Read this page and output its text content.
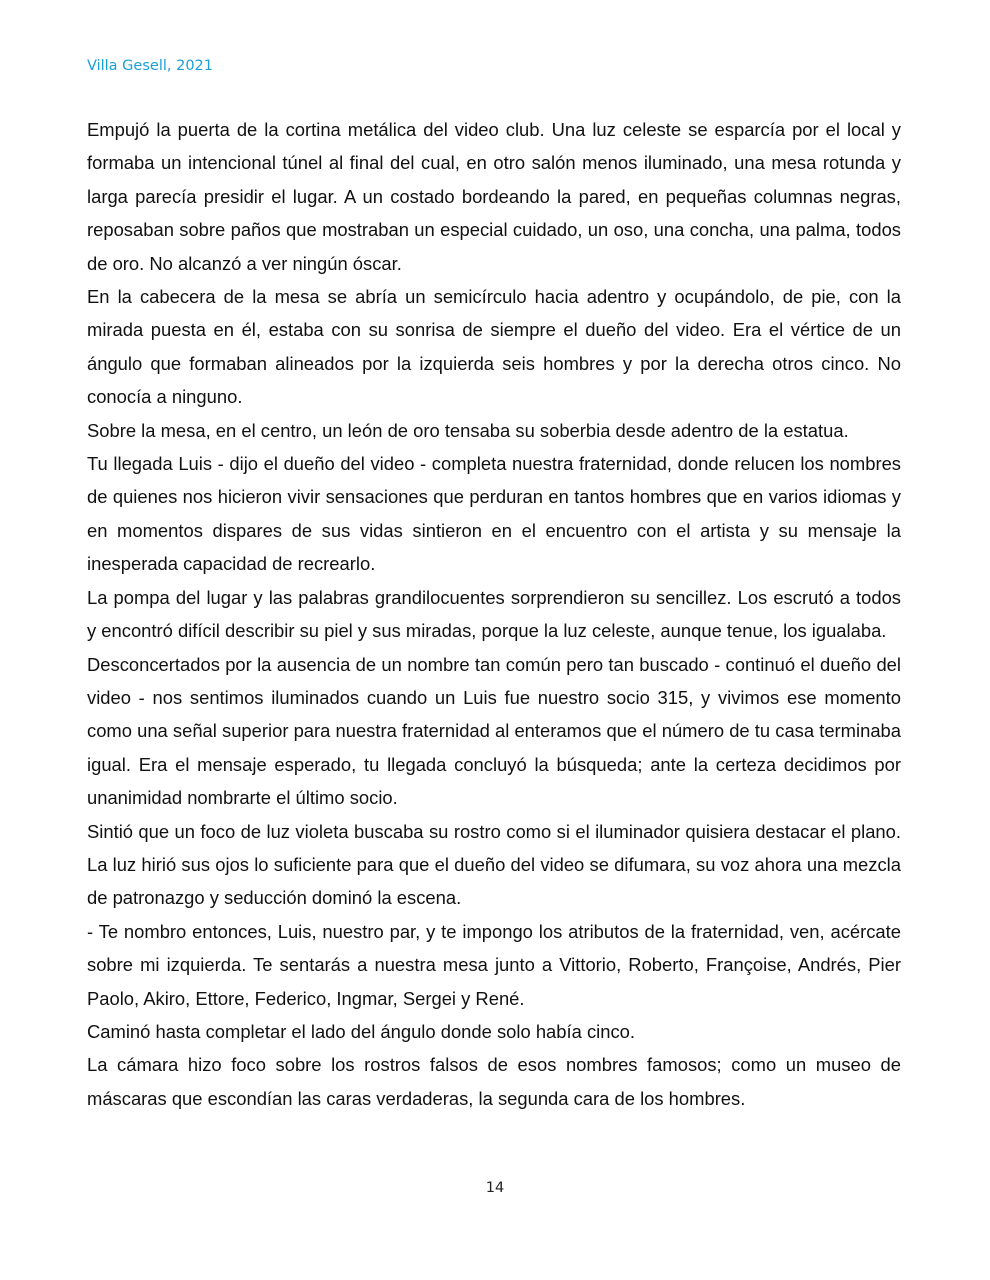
Villa Gesell, 2021

Empujó la puerta de la cortina metálica del video club. Una luz celeste se esparcía por el local y formaba un intencional túnel al final del cual, en otro salón menos iluminado, una mesa rotunda y larga parecía presidir el lugar. A un costado bordeando la pared, en pequeñas columnas negras, reposaban sobre paños que mostraban un especial cuidado, un oso, una concha, una palma, todos de oro. No alcanzó a ver ningún óscar.

En la cabecera de la mesa se abría un semicírculo hacia adentro y ocupándolo, de pie, con la mirada puesta en él, estaba con su sonrisa de siempre el dueño del video. Era el vértice de un ángulo que formaban alineados por la izquierda seis hombres y por la derecha otros cinco. No conocía a ninguno.

Sobre la mesa, en el centro, un león de oro tensaba su soberbia desde adentro de la estatua.

Tu llegada Luis - dijo el dueño del video - completa nuestra fraternidad, donde relucen los nombres de quienes nos hicieron vivir sensaciones que perduran en tantos hombres que en varios idiomas y en momentos dispares de sus vidas sintieron en el encuentro con el artista y su mensaje la inesperada capacidad de recrearlo.

La pompa del lugar y las palabras grandilocuentes sorprendieron su sencillez. Los escrutó a todos y encontró difícil describir su piel y sus miradas, porque la luz celeste, aunque tenue, los igualaba.

Desconcertados por la ausencia de un nombre tan común pero tan buscado - continuó el dueño del video - nos sentimos iluminados cuando un Luis fue nuestro socio 315, y vivimos ese momento como una señal superior para nuestra fraternidad al enteramos que el número de tu casa terminaba igual. Era el mensaje esperado, tu llegada concluyó la búsqueda; ante la certeza decidimos por unanimidad nombrarte el último socio.

Sintió que un foco de luz violeta buscaba su rostro como si el iluminador quisiera destacar el plano. La luz hirió sus ojos lo suficiente para que el dueño del video se difumara, su voz ahora una mezcla de patronazgo y seducción dominó la escena.

- Te nombro entonces, Luis, nuestro par, y te impongo los atributos de la fraternidad, ven, acércate sobre mi izquierda. Te sentarás a nuestra mesa junto a Vittorio, Roberto, Françoise, Andrés, Pier Paolo, Akiro, Ettore, Federico, Ingmar, Sergei y René.

Caminó hasta completar el lado del ángulo donde solo había cinco.

La cámara hizo foco sobre los rostros falsos de esos nombres famosos; como un museo de máscaras que escondían las caras verdaderas, la segunda cara de los hombres.

14
